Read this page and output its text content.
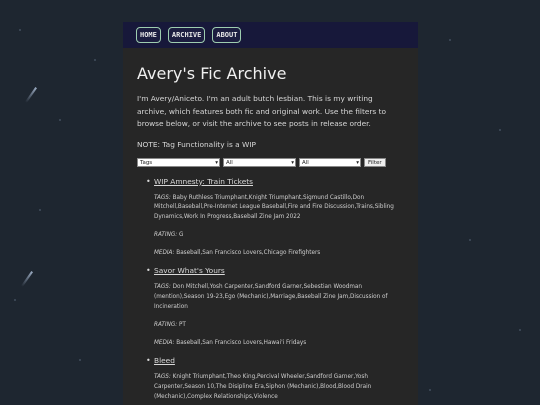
HOME	ARCHIVE	ABOUT
Avery's Fic Archive

I'm Avery/Aniceto. I'm an adult butch lesbian. This is my writing archive, which features both fic and original work. Use the filters to browse below, or visit the archive to see posts in release order.

NOTE: Tag Functionality is a WIP

Tags ▾	All ▾	All ▾	Filter
• WIP Amnesty: Train Tickets

TAGS: Baby Ruthless Triumphant,Knight Triumphant,Sigmund Castillo,Don Mitchell,Baseball,Pre-Internet League Baseball,Fire and Fire Discussion,Trains,Sibling Dynamics,Work In Progress,Baseball Zine Jam 2022

RATING: G

MEDIA: Baseball,San Francisco Lovers,Chicago Firefighters

• Savor What's Yours

TAGS: Don Mitchell,Yosh Carpenter,Sandford Garner,Sebestian Woodman (mention),Season 19-23,Ego (Mechanic),Marriage,Baseball Zine Jam,Discussion of Incineration

RATING: PT

MEDIA: Baseball,San Francisco Lovers,Hawai'i Fridays

• Bleed

TAGS: Knight Triumphant,Theo King,Percival Wheeler,Sandford Garner,Yosh Carpenter,Season 10,The Disipline Era,Siphon (Mechanic),Blood,Blood Drain (Mechanic),Complex Relationships,Violence
